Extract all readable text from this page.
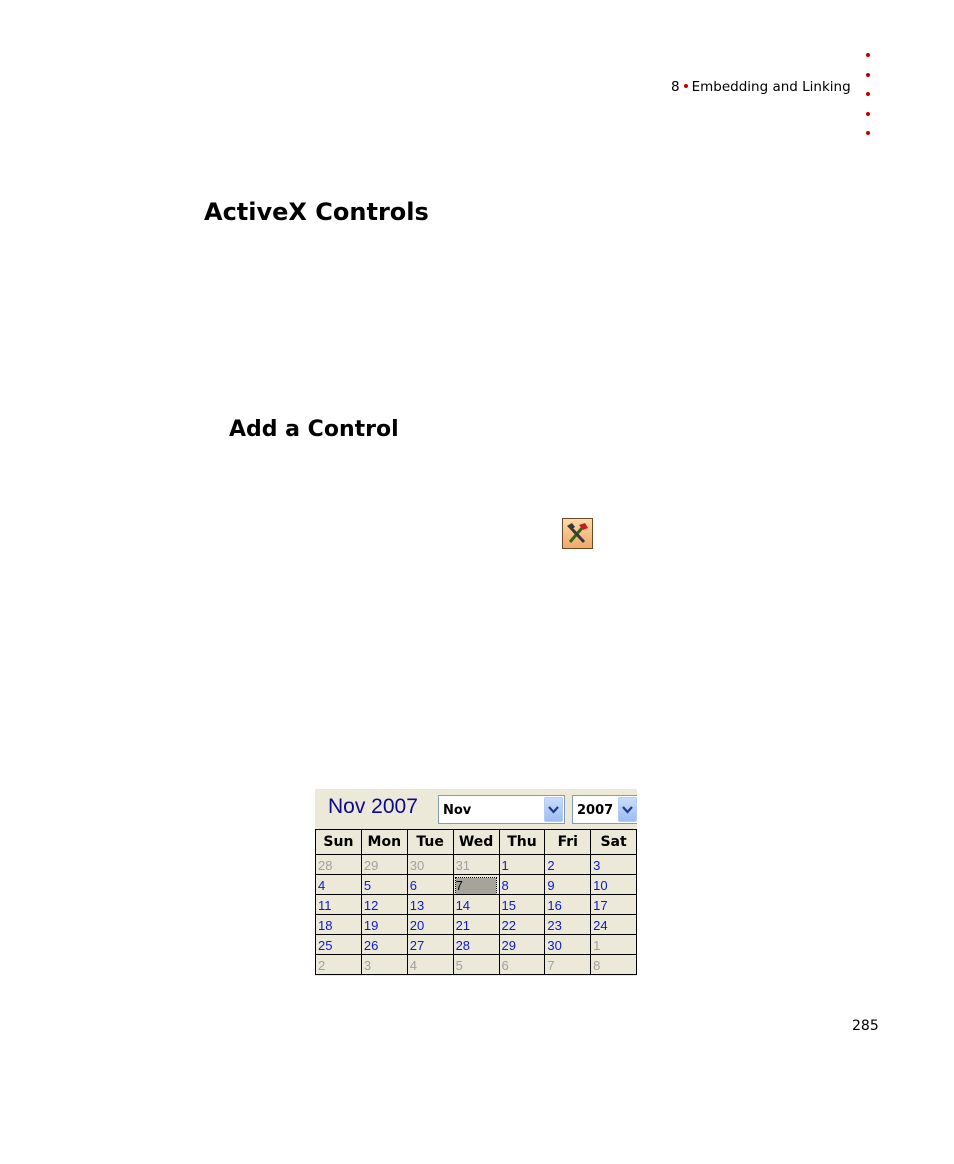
8 Embedding and Linking
ActiveX Controls
Add a Control
Nov 2007 Nov	2007
Sun	Mon	Tue	Wed	Thu	Fri	Sat
28	29	30	31	1	2	3
4	5	6	7	8	9	10
11	12	13	14	15	16	17
18	19	20	21	22	23	24
25	26	27	28	29	30	1
2	3	4	5	6	7	8
285
